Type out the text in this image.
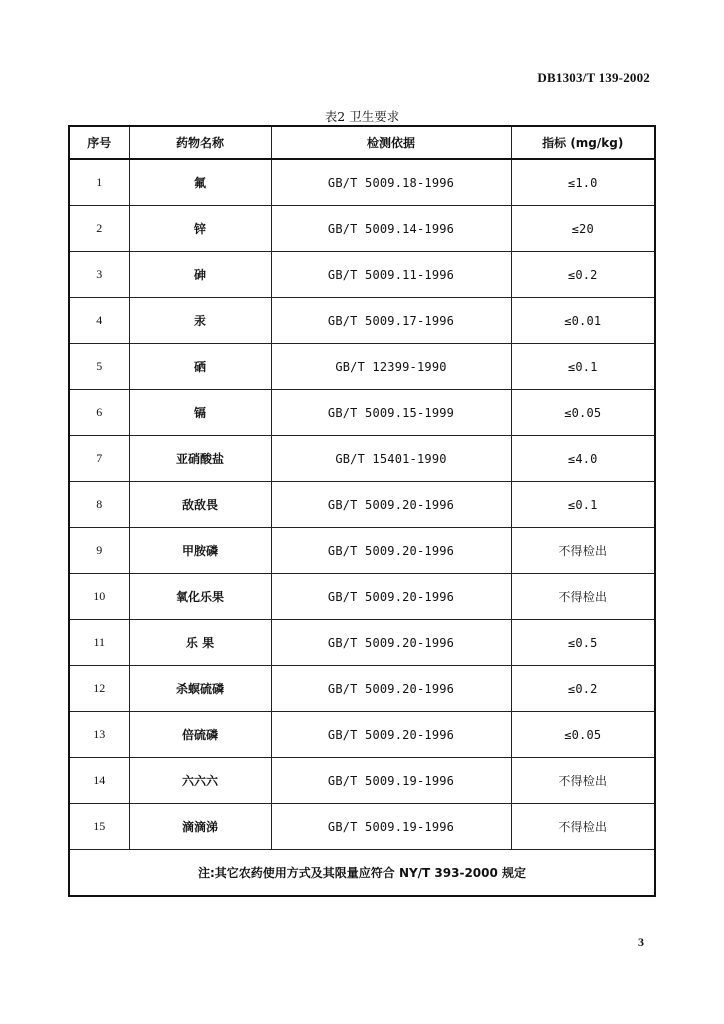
DB1303/T 139-2002
表2 卫生要求
序号	药物名称	检测依据	指标 (mg/kg)
1	氟	GB/T 5009.18-1996	≤1.0
2	锌	GB/T 5009.14-1996	≤20
3	砷	GB/T 5009.11-1996	≤0.2
4	汞	GB/T 5009.17-1996	≤0.01
5	硒	GB/T 12399-1990	≤0.1
6	镉	GB/T 5009.15-1999	≤0.05
7	亚硝酸盐	GB/T 15401-1990	≤4.0
8	敌敌畏	GB/T 5009.20-1996	≤0.1
9	甲胺磷	GB/T 5009.20-1996	不得检出
10	氧化乐果	GB/T 5009.20-1996	不得检出
11	乐 果	GB/T 5009.20-1996	≤0.5
12	杀螟硫磷	GB/T 5009.20-1996	≤0.2
13	倍硫磷	GB/T 5009.20-1996	≤0.05
14	六六六	GB/T 5009.19-1996	不得检出
15	滴滴涕	GB/T 5009.19-1996	不得检出
注:其它农药使用方式及其限量应符合 NY/T 393-2000 规定			
3
